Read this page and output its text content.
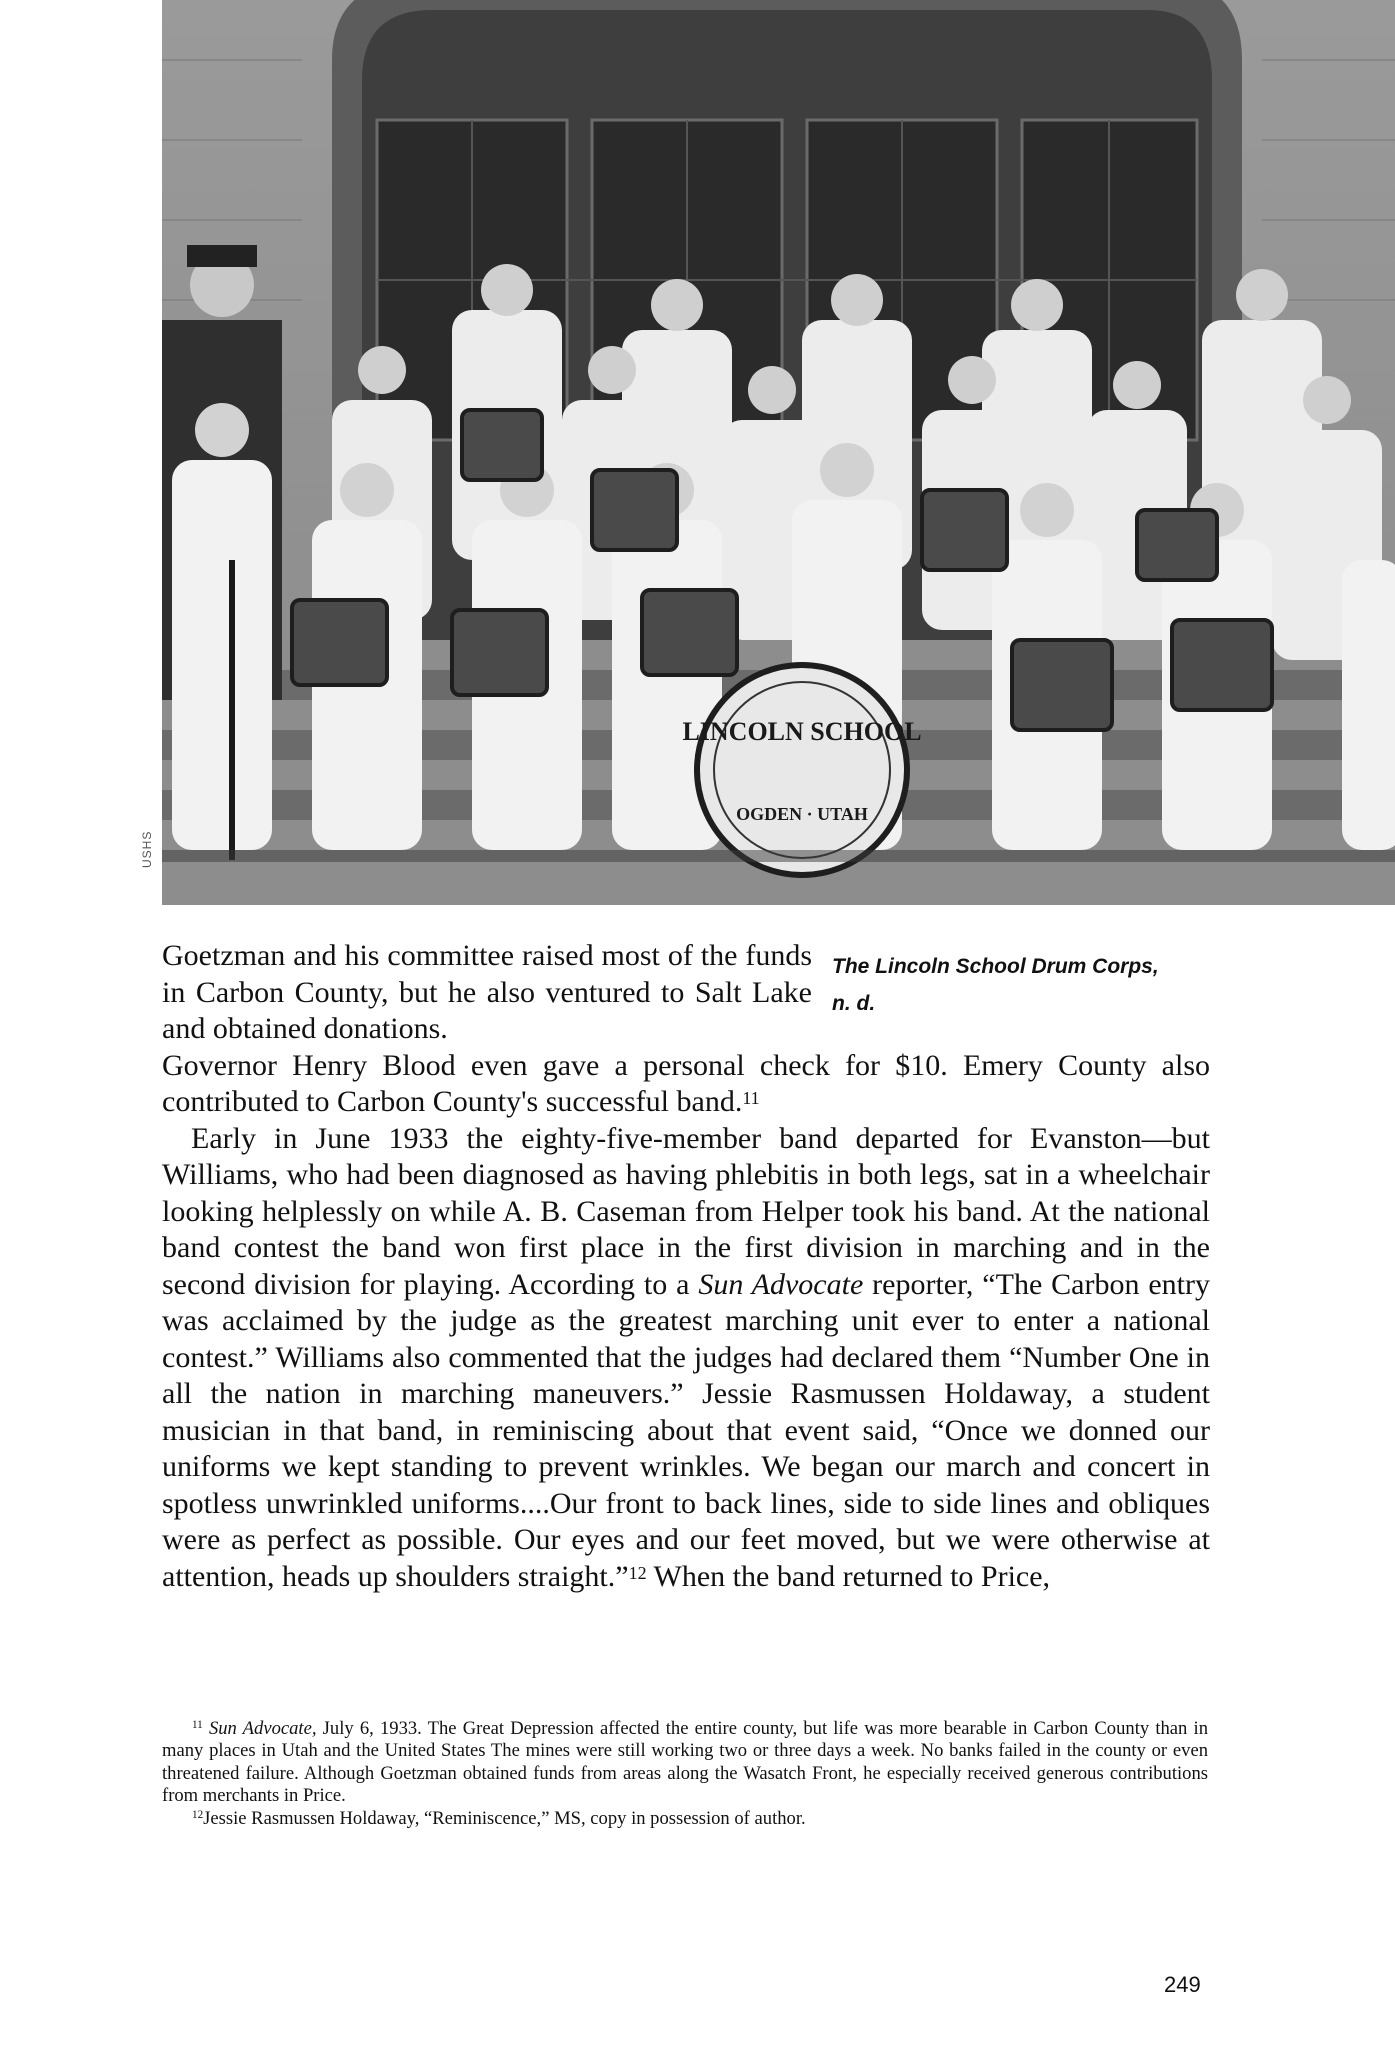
LINCOLN SCHOOL
OGDEN · UTAH
USHS
The Lincoln School Drum Corps,
n. d.

Goetzman and his committee raised most of the funds in Carbon County, but he also ventured to Salt Lake and obtained donations.

Governor Henry Blood even gave a personal check for $10. Emery County also contributed to Carbon County's successful band.$^{11}$

Early in June 1933 the eighty-five-member band departed for Evanston—but Williams, who had been diagnosed as having phlebitis in both legs, sat in a wheelchair looking helplessly on while A. B. Caseman from Helper took his band. At the national band contest the band won first place in the first division in marching and in the second division for playing. According to a Sun Advocate reporter, “The Carbon entry was acclaimed by the judge as the greatest marching unit ever to enter a national contest.” Williams also commented that the judges had declared them “Number One in all the nation in marching maneuvers.” Jessie Rasmussen Holdaway, a student musician in that band, in reminiscing about that event said, “Once we donned our uniforms we kept standing to prevent wrinkles. We began our march and concert in spotless unwrinkled uniforms....Our front to back lines, side to side lines and obliques were as perfect as possible. Our eyes and our feet moved, but we were otherwise at attention, heads up shoulders straight.”$^{12}$ When the band returned to Price,

$^{11}$ Sun Advocate, July 6, 1933. The Great Depression affected the entire county, but life was more bearable in Carbon County than in many places in Utah and the United States The mines were still working two or three days a week. No banks failed in the county or even threatened failure. Although Goetzman obtained funds from areas along the Wasatch Front, he especially received generous contributions from merchants in Price.

$^{12}$Jessie Rasmussen Holdaway, “Reminiscence,” MS, copy in possession of author.

249
